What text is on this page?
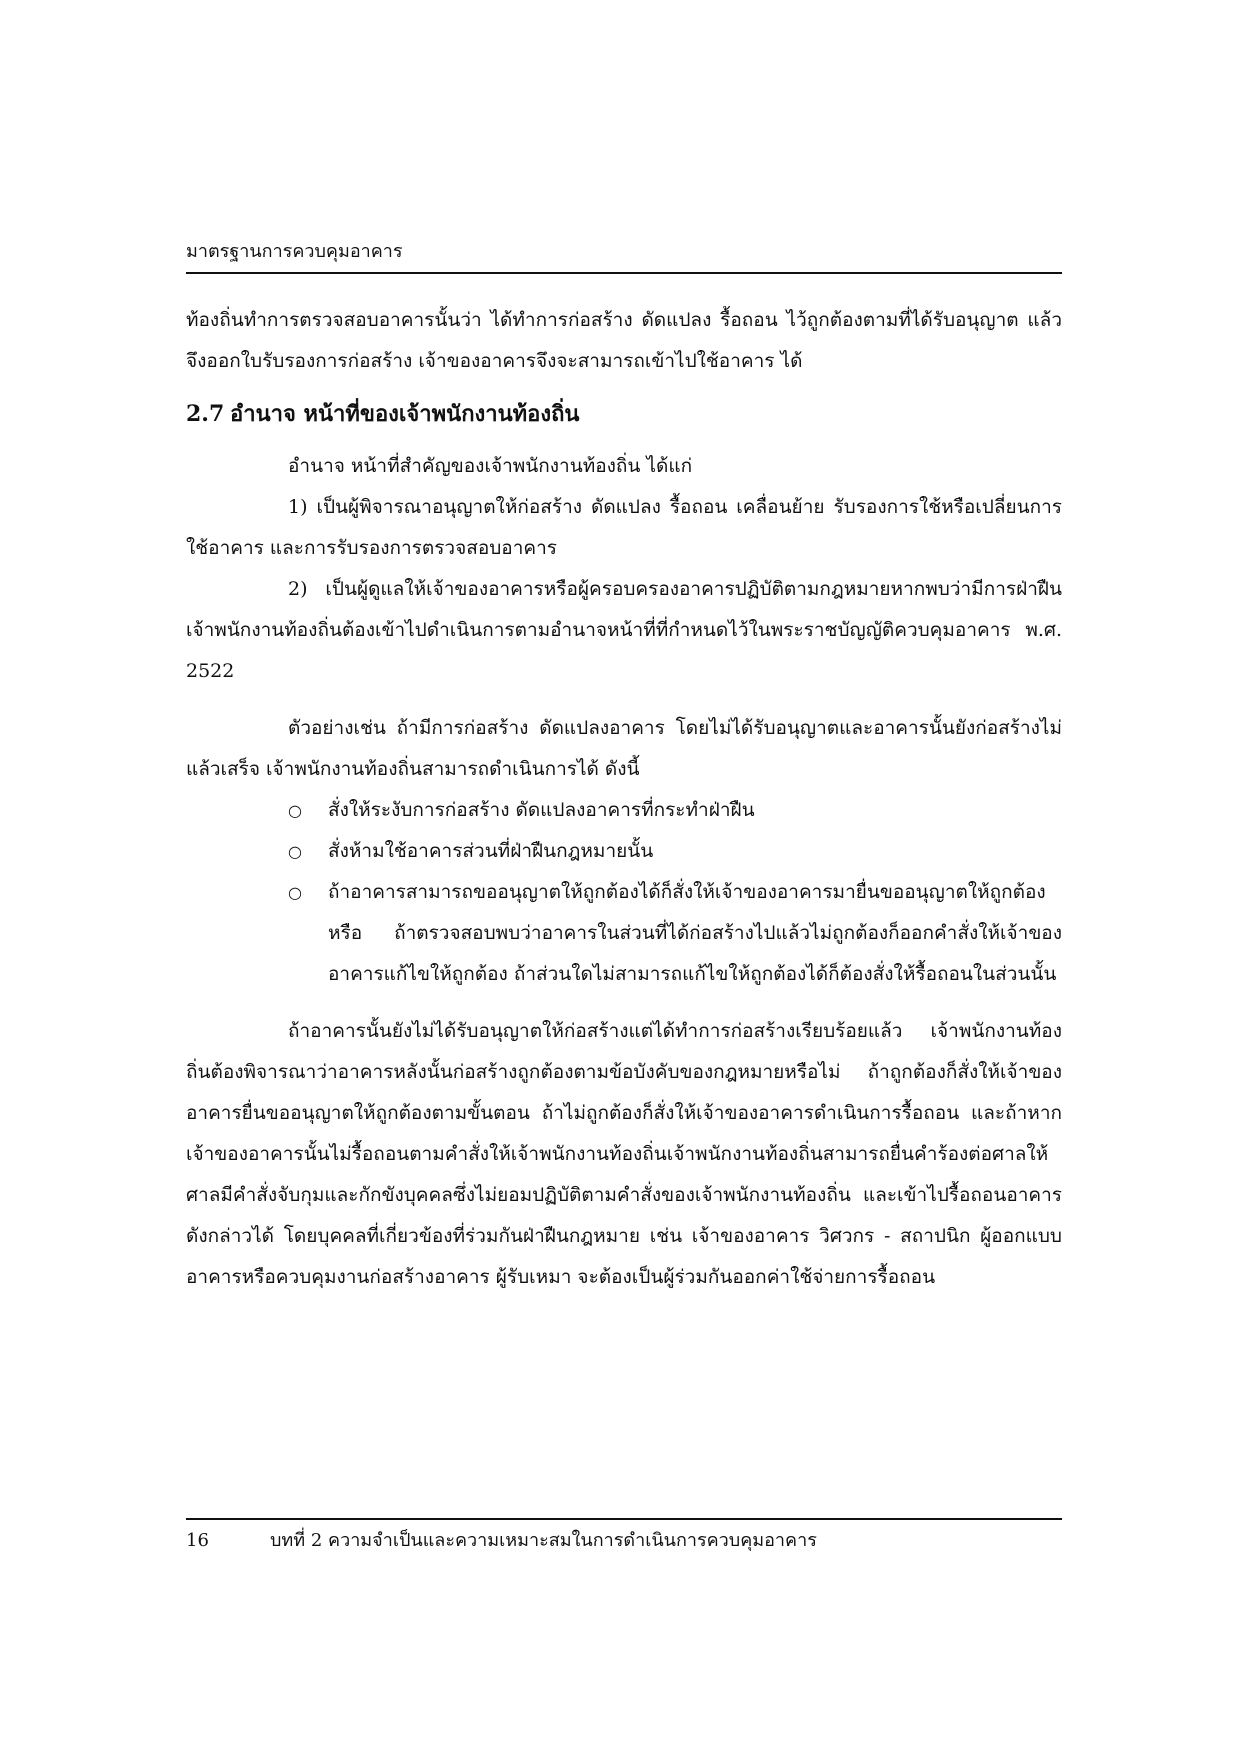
มาตรฐานการควบคุมอาคาร

ท้องถิ่นทำการตรวจสอบอาคารนั้นว่า ได้ทำการก่อสร้าง ดัดแปลง รื้อถอน ไว้ถูกต้องตามที่ได้รับอนุญาต แล้วจึงออกใบรับรองการก่อสร้าง เจ้าของอาคารจึงจะสามารถเข้าไปใช้อาคาร ได้

2.7 อำนาจ หน้าที่ของเจ้าพนักงานท้องถิ่น

อำนาจ หน้าที่สำคัญของเจ้าพนักงานท้องถิ่น ได้แก่

1) เป็นผู้พิจารณาอนุญาตให้ก่อสร้าง ดัดแปลง รื้อถอน เคลื่อนย้าย รับรองการใช้หรือเปลี่ยนการใช้อาคาร และการรับรองการตรวจสอบอาคาร

2) เป็นผู้ดูแลให้เจ้าของอาคารหรือผู้ครอบครองอาคารปฏิบัติตามกฎหมายหากพบว่ามีการฝ่าฝืน เจ้าพนักงานท้องถิ่นต้องเข้าไปดำเนินการตามอำนาจหน้าที่ที่กำหนดไว้ในพระราชบัญญัติควบคุมอาคาร พ.ศ. 2522

ตัวอย่างเช่น ถ้ามีการก่อสร้าง ดัดแปลงอาคาร โดยไม่ได้รับอนุญาตและอาคารนั้นยังก่อสร้างไม่แล้วเสร็จ เจ้าพนักงานท้องถิ่นสามารถดำเนินการได้ ดังนี้

○ สั่งให้ระงับการก่อสร้าง ดัดแปลงอาคารที่กระทำฝ่าฝืน
○ สั่งห้ามใช้อาคารส่วนที่ฝ่าฝืนกฎหมายนั้น
○ ถ้าอาคารสามารถขออนุญาตให้ถูกต้องได้ก็สั่งให้เจ้าของอาคารมายื่นขออนุญาตให้ถูกต้อง หรือ ถ้าตรวจสอบพบว่าอาคารในส่วนที่ได้ก่อสร้างไปแล้วไม่ถูกต้องก็ออกคำสั่งให้เจ้าของอาคารแก้ไขให้ถูกต้อง ถ้าส่วนใดไม่สามารถแก้ไขให้ถูกต้องได้ก็ต้องสั่งให้รื้อถอนในส่วนนั้น

ถ้าอาคารนั้นยังไม่ได้รับอนุญาตให้ก่อสร้างแต่ได้ทำการก่อสร้างเรียบร้อยแล้ว เจ้าพนักงานท้องถิ่นต้องพิจารณาว่าอาคารหลังนั้นก่อสร้างถูกต้องตามข้อบังคับของกฎหมายหรือไม่ ถ้าถูกต้องก็สั่งให้เจ้าของอาคารยื่นขออนุญาตให้ถูกต้องตามขั้นตอน ถ้าไม่ถูกต้องก็สั่งให้เจ้าของอาคารดำเนินการรื้อถอน และถ้าหากเจ้าของอาคารนั้นไม่รื้อถอนตามคำสั่งให้เจ้าพนักงานท้องถิ่นเจ้าพนักงานท้องถิ่นสามารถยื่นคำร้องต่อศาลให้ศาลมีคำสั่งจับกุมและกักขังบุคคลซึ่งไม่ยอมปฏิบัติตามคำสั่งของเจ้าพนักงานท้องถิ่น และเข้าไปรื้อถอนอาคารดังกล่าวได้ โดยบุคคลที่เกี่ยวข้องที่ร่วมกันฝ่าฝืนกฎหมาย เช่น เจ้าของอาคาร วิศวกร - สถาปนิก ผู้ออกแบบอาคารหรือควบคุมงานก่อสร้างอาคาร ผู้รับเหมา จะต้องเป็นผู้ร่วมกันออกค่าใช้จ่ายการรื้อถอน

16	บทที่ 2 ความจำเป็นและความเหมาะสมในการดำเนินการควบคุมอาคาร
